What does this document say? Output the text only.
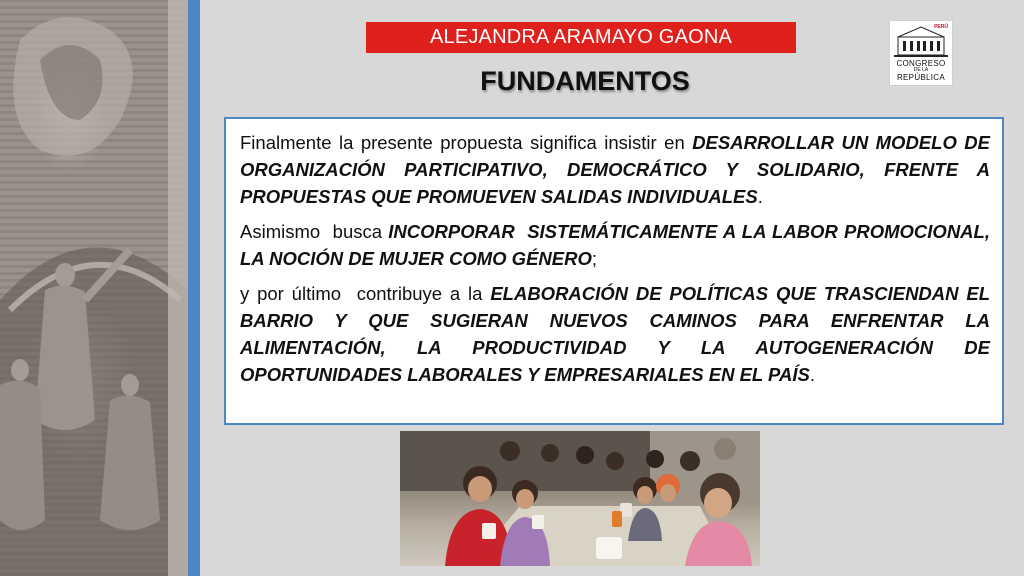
ALEJANDRA ARAMAYO GAONA
FUNDAMENTOS
PERÚ
CONGRESO
DE LA
REPÚBLICA

Finalmente la presente propuesta significa insistir en DESARROLLAR UN MODELO DE ORGANIZACIÓN PARTICIPATIVO, DEMOCRÁTICO Y SOLIDARIO, FRENTE A PROPUESTAS QUE PROMUEVEN SALIDAS INDIVIDUALES.

Asimismo  busca INCORPORAR  SISTEMÁTICAMENTE A LA LABOR PROMOCIONAL, LA NOCIÓN DE MUJER COMO GÉNERO;

y por último  contribuye a la ELABORACIÓN DE POLÍTICAS QUE TRASCIENDAN EL BARRIO Y QUE SUGIERAN NUEVOS CAMINOS PARA ENFRENTAR LA ALIMENTACIÓN, LA PRODUCTIVIDAD Y LA AUTOGENERACIÓN DE OPORTUNIDADES LABORALES Y EMPRESARIALES EN EL PAÍS.
